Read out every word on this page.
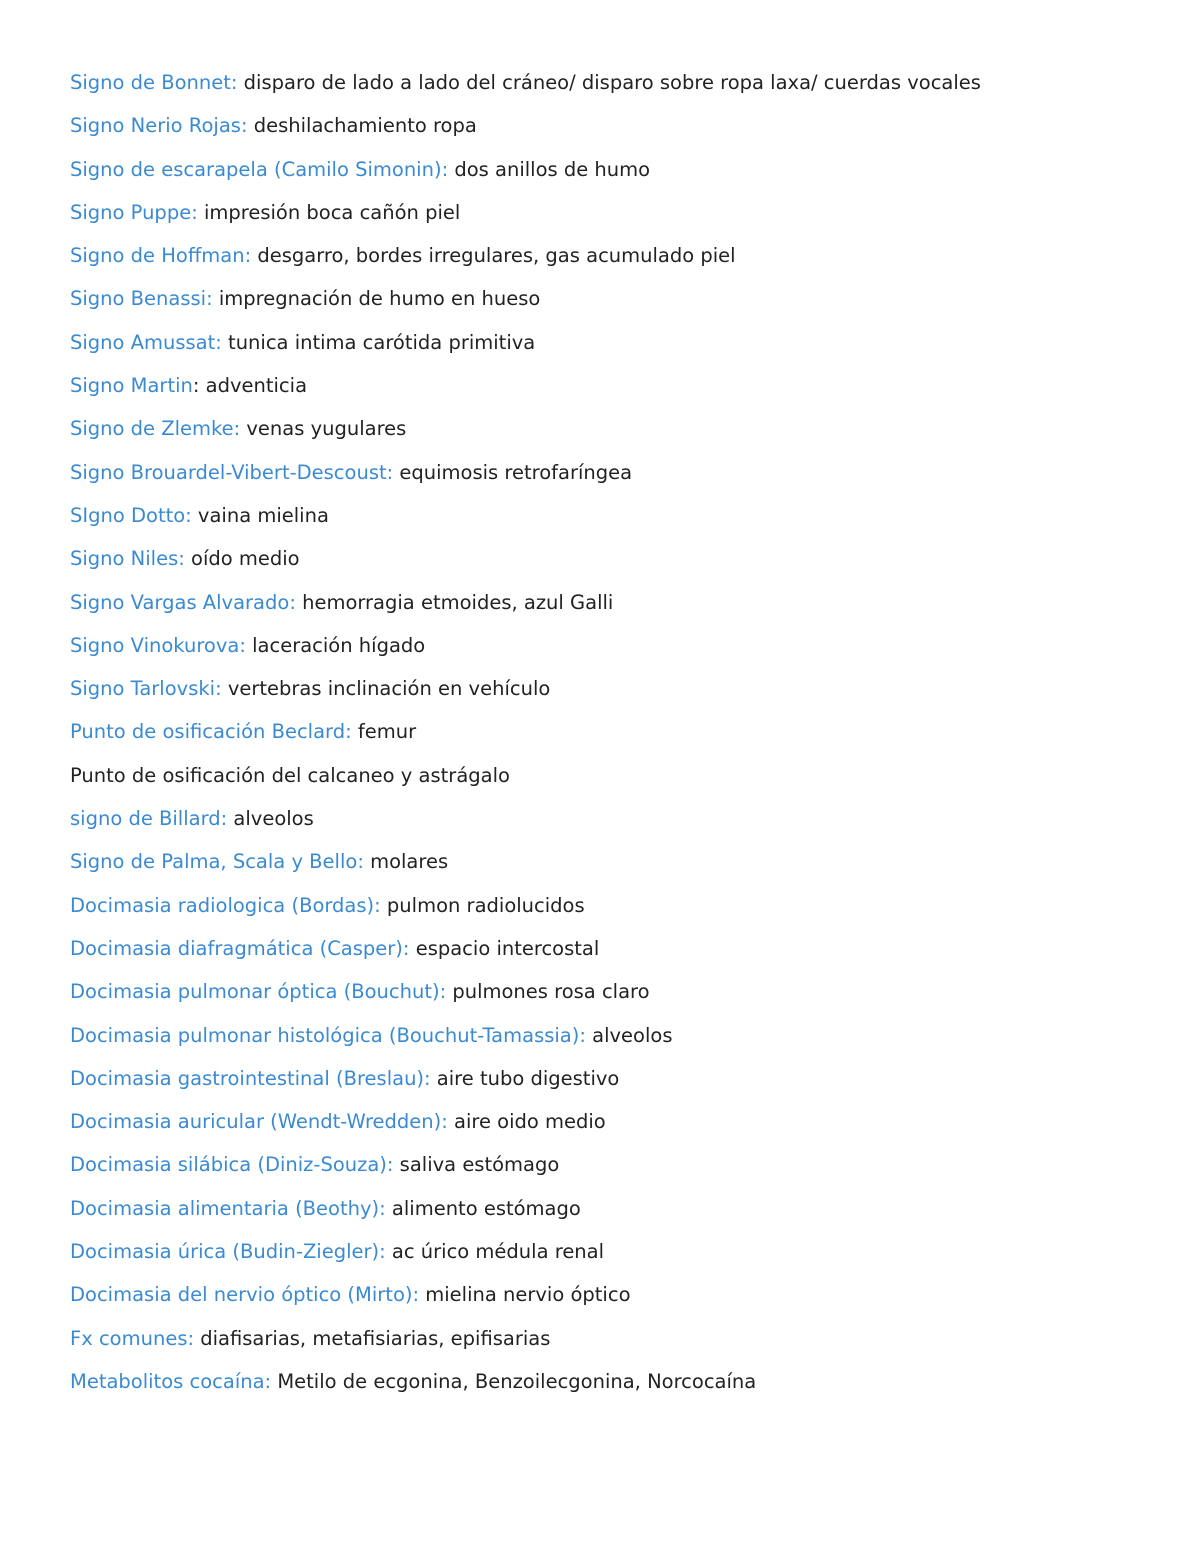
Signo de Bonnet: disparo de lado a lado del cráneo/ disparo sobre ropa laxa/ cuerdas vocales
Signo Nerio Rojas: deshilachamiento ropa
Signo de escarapela (Camilo Simonin): dos anillos de humo
Signo Puppe: impresión boca cañón piel
Signo de Hoffman: desgarro, bordes irregulares, gas acumulado piel
Signo Benassi: impregnación de humo en hueso
Signo Amussat: tunica intima carótida primitiva
Signo Martin: adventicia
Signo de Zlemke: venas yugulares
Signo Brouardel-Vibert-Descoust: equimosis retrofaríngea
SIgno Dotto: vaina mielina
Signo Niles: oído medio
Signo Vargas Alvarado: hemorragia etmoides, azul Galli
Signo Vinokurova: laceración hígado
Signo Tarlovski: vertebras inclinación en vehículo
Punto de osificación Beclard: femur
Punto de osificación del calcaneo y astrágalo
signo de Billard: alveolos
Signo de Palma, Scala y Bello: molares
Docimasia radiologica (Bordas): pulmon radiolucidos
Docimasia diafragmática (Casper): espacio intercostal
Docimasia pulmonar óptica (Bouchut): pulmones rosa claro
Docimasia pulmonar histológica (Bouchut-Tamassia): alveolos
Docimasia gastrointestinal (Breslau): aire tubo digestivo
Docimasia auricular (Wendt-Wredden): aire oido medio
Docimasia silábica (Diniz-Souza): saliva estómago
Docimasia alimentaria (Beothy): alimento estómago
Docimasia úrica (Budin-Ziegler): ac úrico médula renal
Docimasia del nervio óptico (Mirto): mielina nervio óptico
Fx comunes: diafisarias, metafisiarias, epifisarias
Metabolitos cocaína: Metilo de ecgonina, Benzoilecgonina, Norcocaína
